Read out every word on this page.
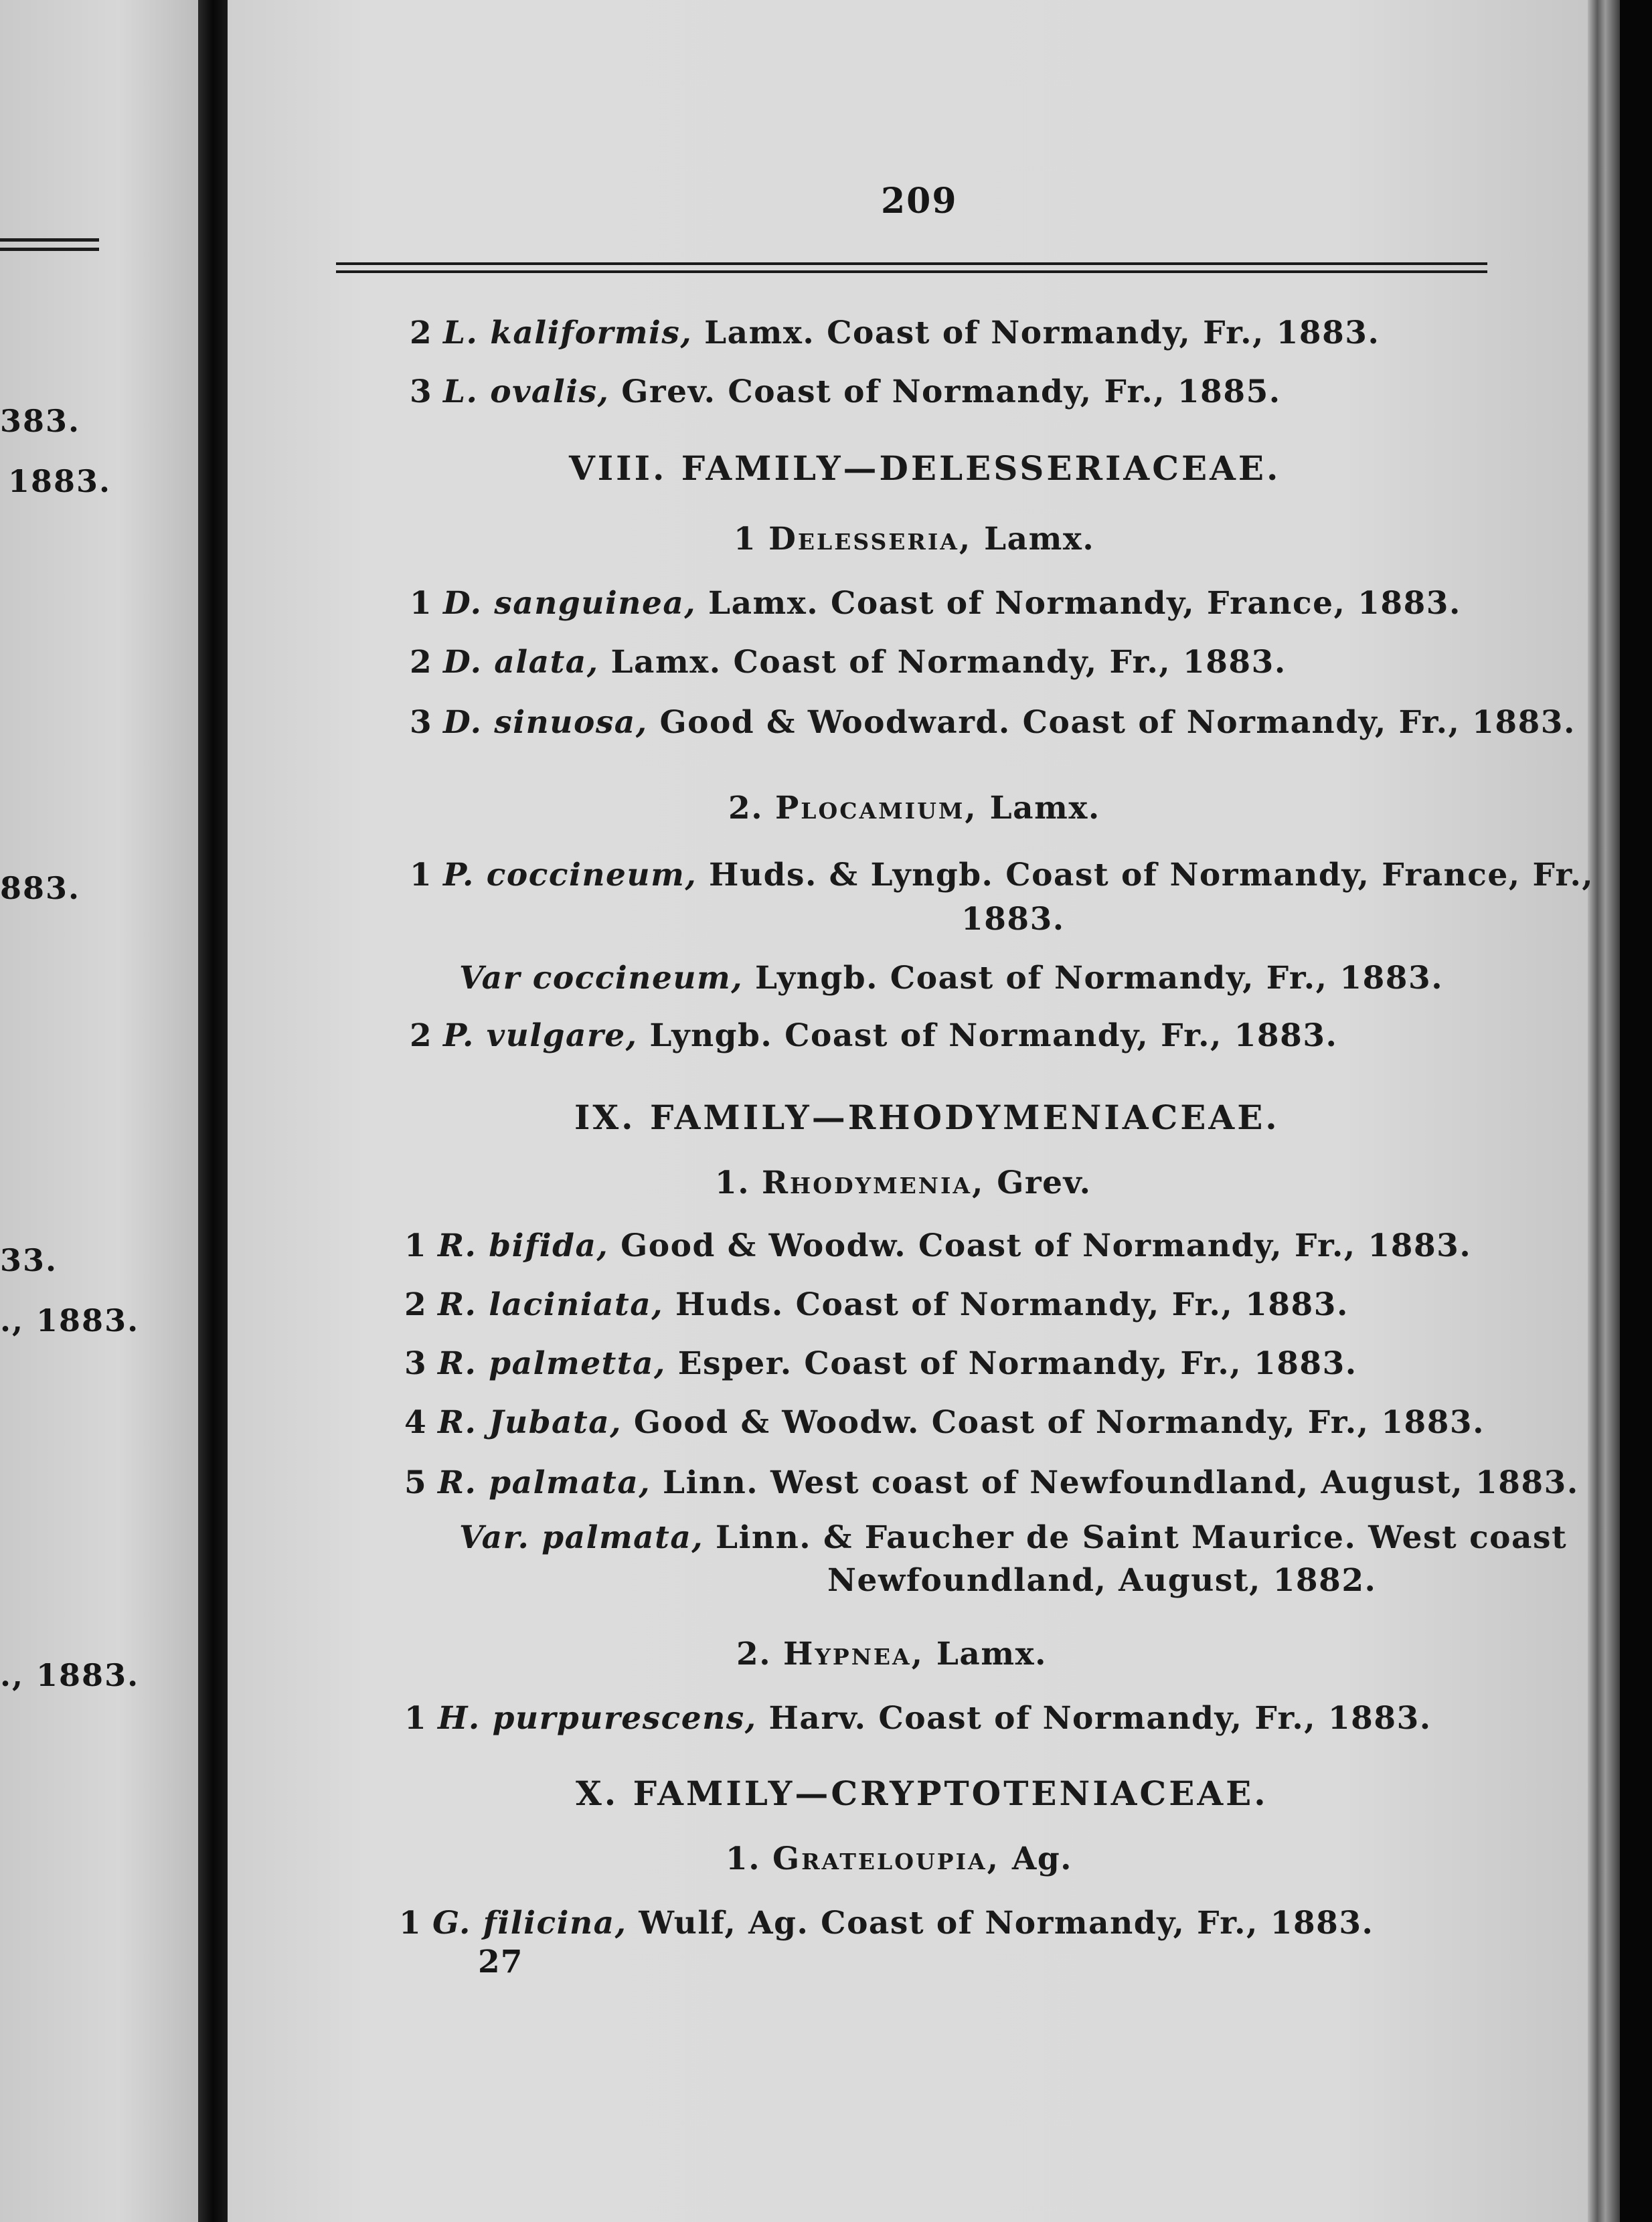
383.
1883.
883.
33.
., 1883.
., 1883.
209
2 L. kaliformis, Lamx. Coast of Normandy, Fr., 1883.
3 L. ovalis, Grev. Coast of Normandy, Fr., 1885.
VIII. FAMILY—DELESSERIACEAE.
1 Delesseria, Lamx.
1 D. sanguinea, Lamx. Coast of Normandy, France, 1883.
2 D. alata, Lamx. Coast of Normandy, Fr., 1883.
3 D. sinuosa, Good & Woodward. Coast of Normandy, Fr., 1883.
2. Plocamium, Lamx.
1 P. coccineum, Huds. & Lyngb. Coast of Normandy, France, Fr.,
1883.
Var coccineum, Lyngb. Coast of Normandy, Fr., 1883.
2 P. vulgare, Lyngb. Coast of Normandy, Fr., 1883.
IX. FAMILY—RHODYMENIACEAE.
1. Rhodymenia, Grev.
1 R. bifida, Good & Woodw. Coast of Normandy, Fr., 1883.
2 R. laciniata, Huds. Coast of Normandy, Fr., 1883.
3 R. palmetta, Esper. Coast of Normandy, Fr., 1883.
4 R. Jubata, Good & Woodw. Coast of Normandy, Fr., 1883.
5 R. palmata, Linn. West coast of Newfoundland, August, 1883.
Var. palmata, Linn. & Faucher de Saint Maurice. West coast
Newfoundland, August, 1882.
2. Hypnea, Lamx.
1 H. purpurescens, Harv. Coast of Normandy, Fr., 1883.
X. FAMILY—CRYPTOTENIACEAE.
1. Grateloupia, Ag.
1 G. filicina, Wulf, Ag. Coast of Normandy, Fr., 1883.
27
